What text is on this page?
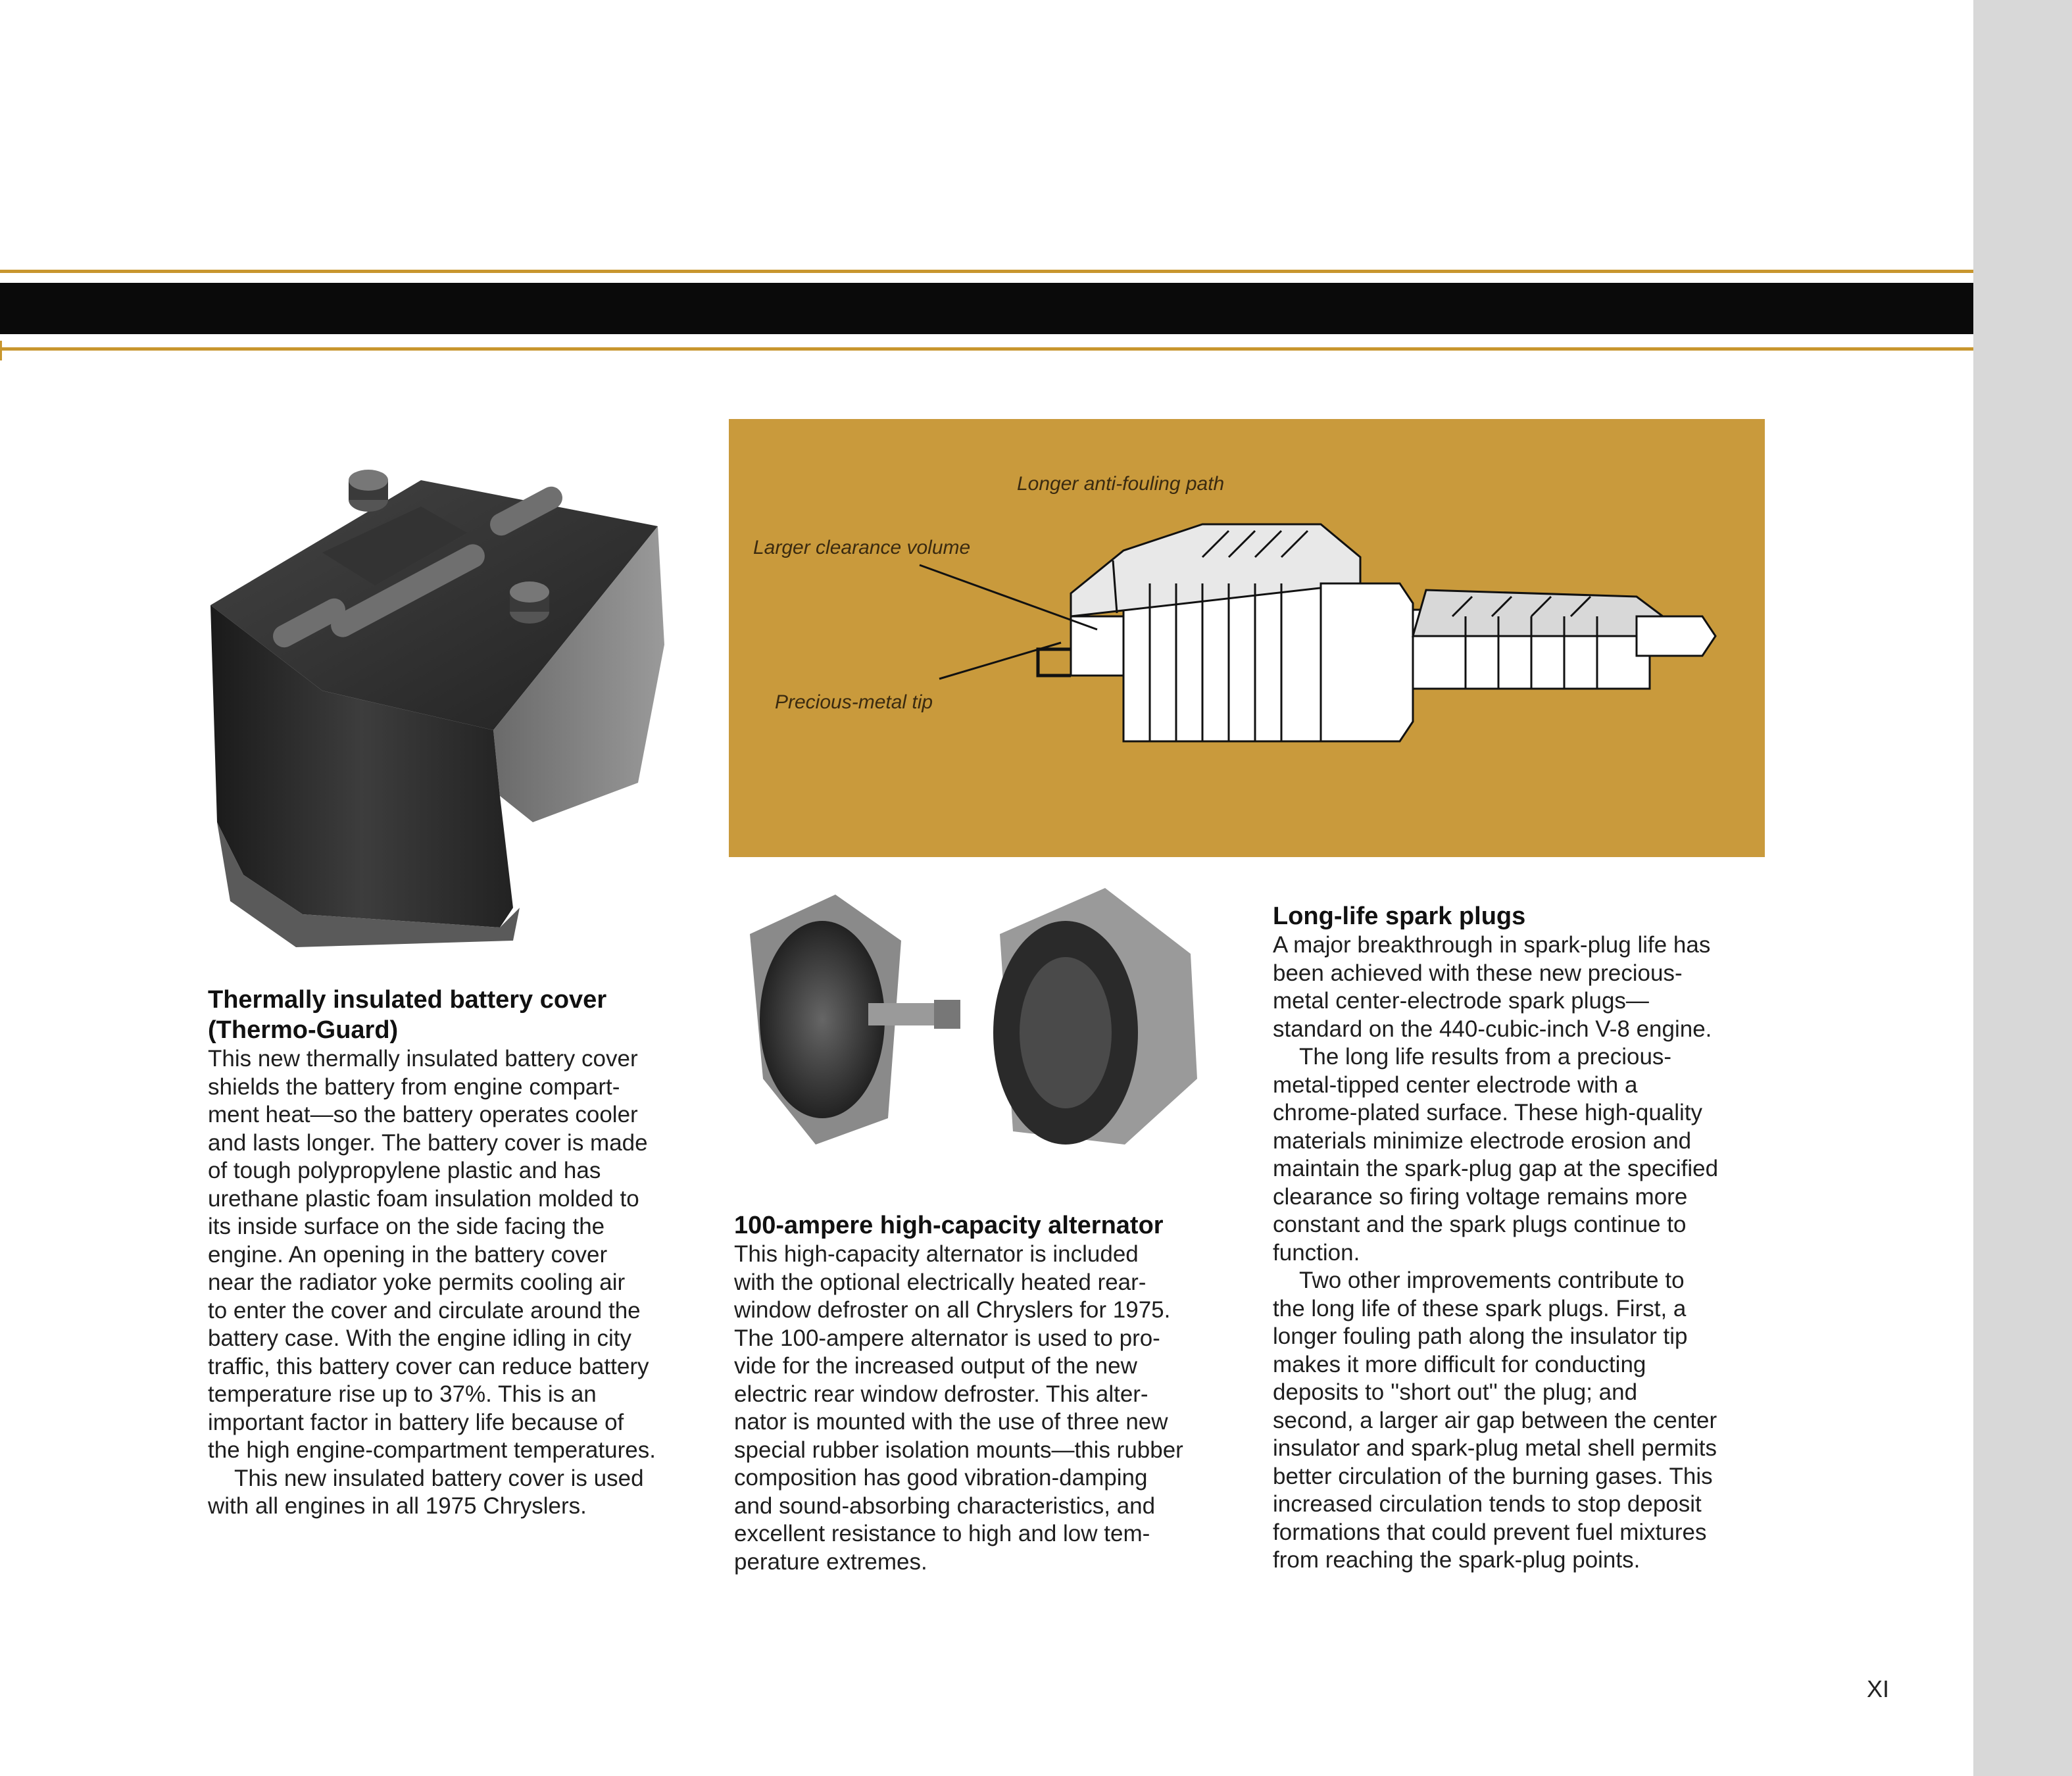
Longer anti-fouling path
Larger clearance volume
Precious-metal tip
Thermally insulated battery cover
(Thermo-Guard)

This new thermally insulated battery cover

shields the battery from engine compart-

ment heat—so the battery operates cooler

and lasts longer. The battery cover is made

of tough polypropylene plastic and has

urethane plastic foam insulation molded to

its inside surface on the side facing the

engine. An opening in the battery cover

near the radiator yoke permits cooling air

to enter the cover and circulate around the

battery case. With the engine idling in city

traffic, this battery cover can reduce battery

temperature rise up to 37%. This is an

important factor in battery life because of

the high engine-compartment temperatures.

This new insulated battery cover is used

with all engines in all 1975 Chryslers.

100-ampere high-capacity alternator

This high-capacity alternator is included

with the optional electrically heated rear-

window defroster on all Chryslers for 1975.

The 100-ampere alternator is used to pro-

vide for the increased output of the new

electric rear window defroster. This alter-

nator is mounted with the use of three new

special rubber isolation mounts—this rubber

composition has good vibration-damping

and sound-absorbing characteristics, and

excellent resistance to high and low tem-

perature extremes.

Long-life spark plugs

A major breakthrough in spark-plug life has

been achieved with these new precious-

metal center-electrode spark plugs—

standard on the 440-cubic-inch V-8 engine.

The long life results from a precious-

metal-tipped center electrode with a

chrome-plated surface. These high-quality

materials minimize electrode erosion and

maintain the spark-plug gap at the specified

clearance so firing voltage remains more

constant and the spark plugs continue to

function.

Two other improvements contribute to

the long life of these spark plugs. First, a

longer fouling path along the insulator tip

makes it more difficult for conducting

deposits to ''short out'' the plug; and

second, a larger air gap between the center

insulator and spark-plug metal shell permits

better circulation of the burning gases. This

increased circulation tends to stop deposit

formations that could prevent fuel mixtures

from reaching the spark-plug points.

XI
